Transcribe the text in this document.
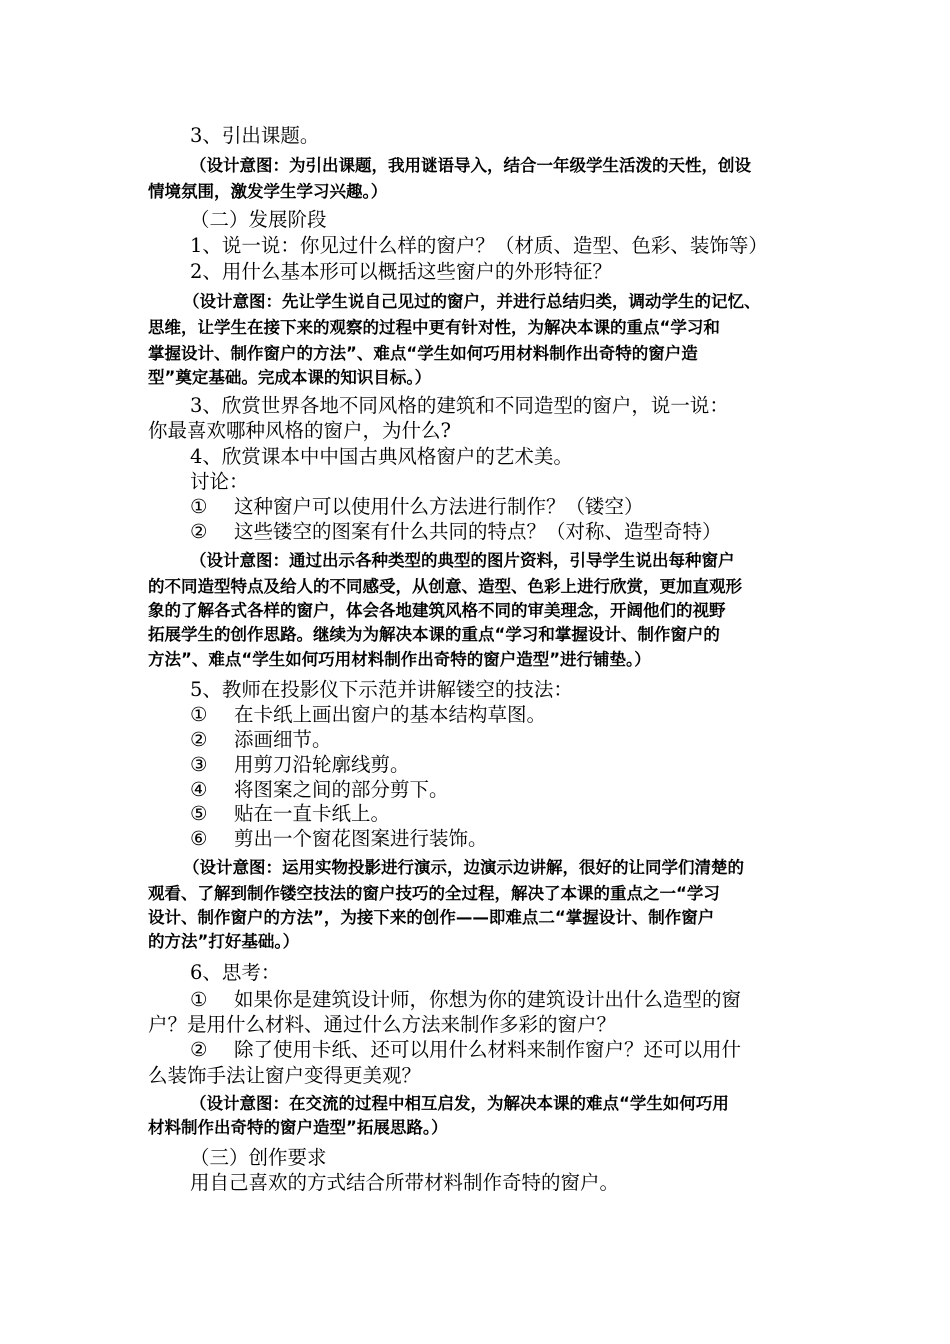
3、引出课题。
（设计意图：为引出课题，我用谜语导入，结合一年级学生活泼的天性，创设
情境氛围，激发学生学习兴趣。）
（二）发展阶段
1、说一说：你见过什么样的窗户？（材质、造型、色彩、装饰等）
2、用什么基本形可以概括这些窗户的外形特征？
（设计意图：先让学生说自己见过的窗户，并进行总结归类，调动学生的记忆、
思维，让学生在接下来的观察的过程中更有针对性，为解决本课的重点“学习和
掌握设计、制作窗户的方法”、难点“学生如何巧用材料制作出奇特的窗户造
型”奠定基础。完成本课的知识目标。）
3、欣赏世界各地不同风格的建筑和不同造型的窗户，说一说：
你最喜欢哪种风格的窗户，为什么?
4、欣赏课本中中国古典风格窗户的艺术美。
讨论：
① 这种窗户可以使用什么方法进行制作？（镂空）
② 这些镂空的图案有什么共同的特点？（对称、造型奇特）
（设计意图：通过出示各种类型的典型的图片资料，引导学生说出每种窗户
的不同造型特点及给人的不同感受，从创意、造型、色彩上进行欣赏，更加直观形
象的了解各式各样的窗户，体会各地建筑风格不同的审美理念，开阔他们的视野
拓展学生的创作思路。继续为为解决本课的重点“学习和掌握设计、制作窗户的
方法”、难点“学生如何巧用材料制作出奇特的窗户造型”进行铺垫。）
5、教师在投影仪下示范并讲解镂空的技法：
① 在卡纸上画出窗户的基本结构草图。
② 添画细节。
③ 用剪刀沿轮廓线剪。
④ 将图案之间的部分剪下。
⑤ 贴在一直卡纸上。
⑥ 剪出一个窗花图案进行装饰。
（设计意图：运用实物投影进行演示，边演示边讲解，很好的让同学们清楚的
观看、了解到制作镂空技法的窗户技巧的全过程，解决了本课的重点之一“学习
设计、制作窗户的方法”，为接下来的创作——即难点二“掌握设计、制作窗户
的方法”打好基础。）
6、思考：
① 如果你是建筑设计师，你想为你的建筑设计出什么造型的窗
户？是用什么材料、通过什么方法来制作多彩的窗户？
② 除了使用卡纸、还可以用什么材料来制作窗户？还可以用什
么装饰手法让窗户变得更美观？
（设计意图：在交流的过程中相互启发，为解决本课的难点“学生如何巧用
材料制作出奇特的窗户造型”拓展思路。）
（三）创作要求
用自己喜欢的方式结合所带材料制作奇特的窗户。
